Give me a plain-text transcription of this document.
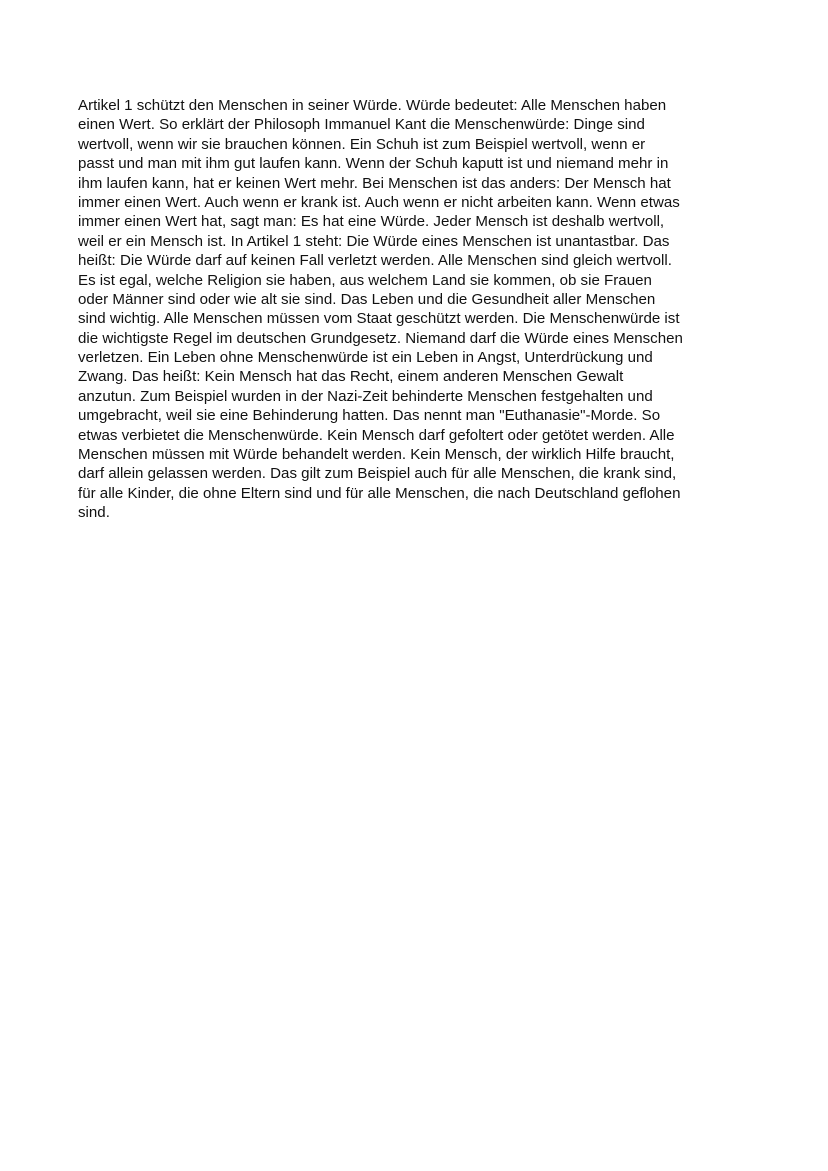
Artikel 1 schützt den Menschen in seiner Würde. Würde bedeutet: Alle Menschen haben
einen Wert. So erklärt der Philosoph Immanuel Kant die Menschenwürde: Dinge sind
wertvoll, wenn wir sie brauchen können. Ein Schuh ist zum Beispiel wertvoll, wenn er
passt und man mit ihm gut laufen kann. Wenn der Schuh kaputt ist und niemand mehr in
ihm laufen kann, hat er keinen Wert mehr. Bei Menschen ist das anders: Der Mensch hat
immer einen Wert. Auch wenn er krank ist. Auch wenn er nicht arbeiten kann. Wenn etwas
immer einen Wert hat, sagt man: Es hat eine Würde. Jeder Mensch ist deshalb wertvoll,
weil er ein Mensch ist. In Artikel 1 steht: Die Würde eines Menschen ist unantastbar. Das
heißt: Die Würde darf auf keinen Fall verletzt werden. Alle Menschen sind gleich wertvoll.
Es ist egal, welche Religion sie haben, aus welchem Land sie kommen, ob sie Frauen
oder Männer sind oder wie alt sie sind. Das Leben und die Gesundheit aller Menschen
sind wichtig. Alle Menschen müssen vom Staat geschützt werden. Die Menschenwürde ist
die wichtigste Regel im deutschen Grundgesetz. Niemand darf die Würde eines Menschen
verletzen. Ein Leben ohne Menschenwürde ist ein Leben in Angst, Unterdrückung und
Zwang. Das heißt: Kein Mensch hat das Recht, einem anderen Menschen Gewalt
anzutun. Zum Beispiel wurden in der Nazi-Zeit behinderte Menschen festgehalten und
umgebracht, weil sie eine Behinderung hatten. Das nennt man "Euthanasie"-Morde. So
etwas verbietet die Menschenwürde. Kein Mensch darf gefoltert oder getötet werden. Alle
Menschen müssen mit Würde behandelt werden. Kein Mensch, der wirklich Hilfe braucht,
darf allein gelassen werden. Das gilt zum Beispiel auch für alle Menschen, die krank sind,
für alle Kinder, die ohne Eltern sind und für alle Menschen, die nach Deutschland geflohen
sind.
